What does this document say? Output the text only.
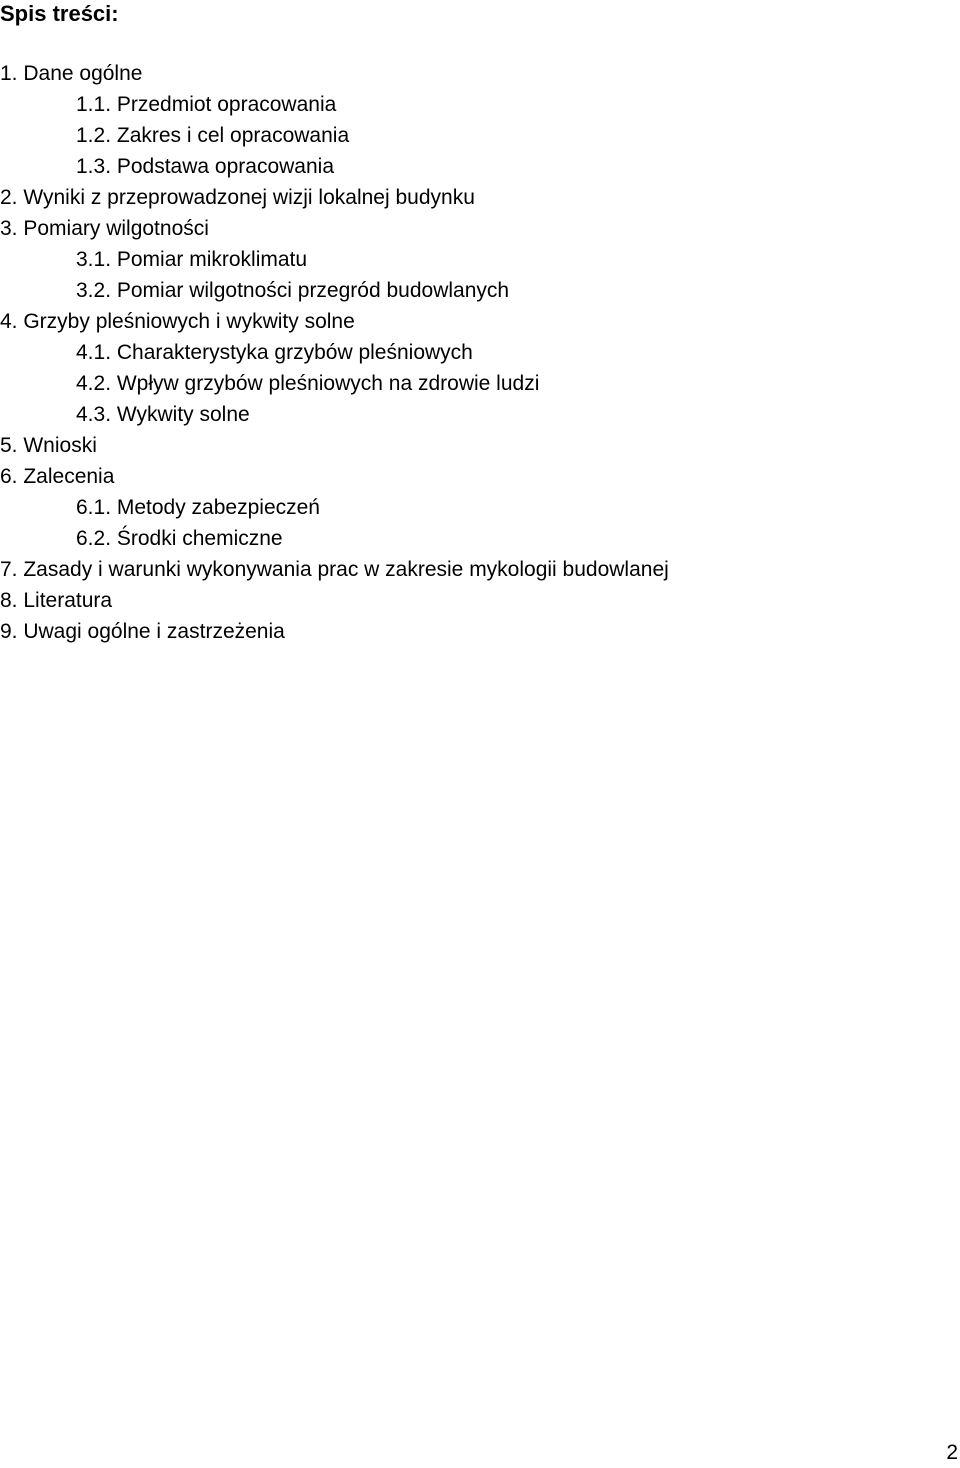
Spis treści:
1. Dane ogólne
1.1. Przedmiot opracowania
1.2. Zakres i cel opracowania
1.3. Podstawa opracowania
2. Wyniki z przeprowadzonej wizji lokalnej budynku
3. Pomiary wilgotności
3.1. Pomiar mikroklimatu
3.2. Pomiar wilgotności przegród budowlanych
4. Grzyby pleśniowych i wykwity solne
4.1. Charakterystyka grzybów pleśniowych
4.2. Wpływ grzybów pleśniowych na zdrowie ludzi
4.3. Wykwity solne
5. Wnioski
6. Zalecenia
6.1. Metody zabezpieczeń
6.2. Środki chemiczne
7. Zasady i warunki wykonywania prac w zakresie mykologii budowlanej
8. Literatura
9. Uwagi ogólne i zastrzeżenia
2
